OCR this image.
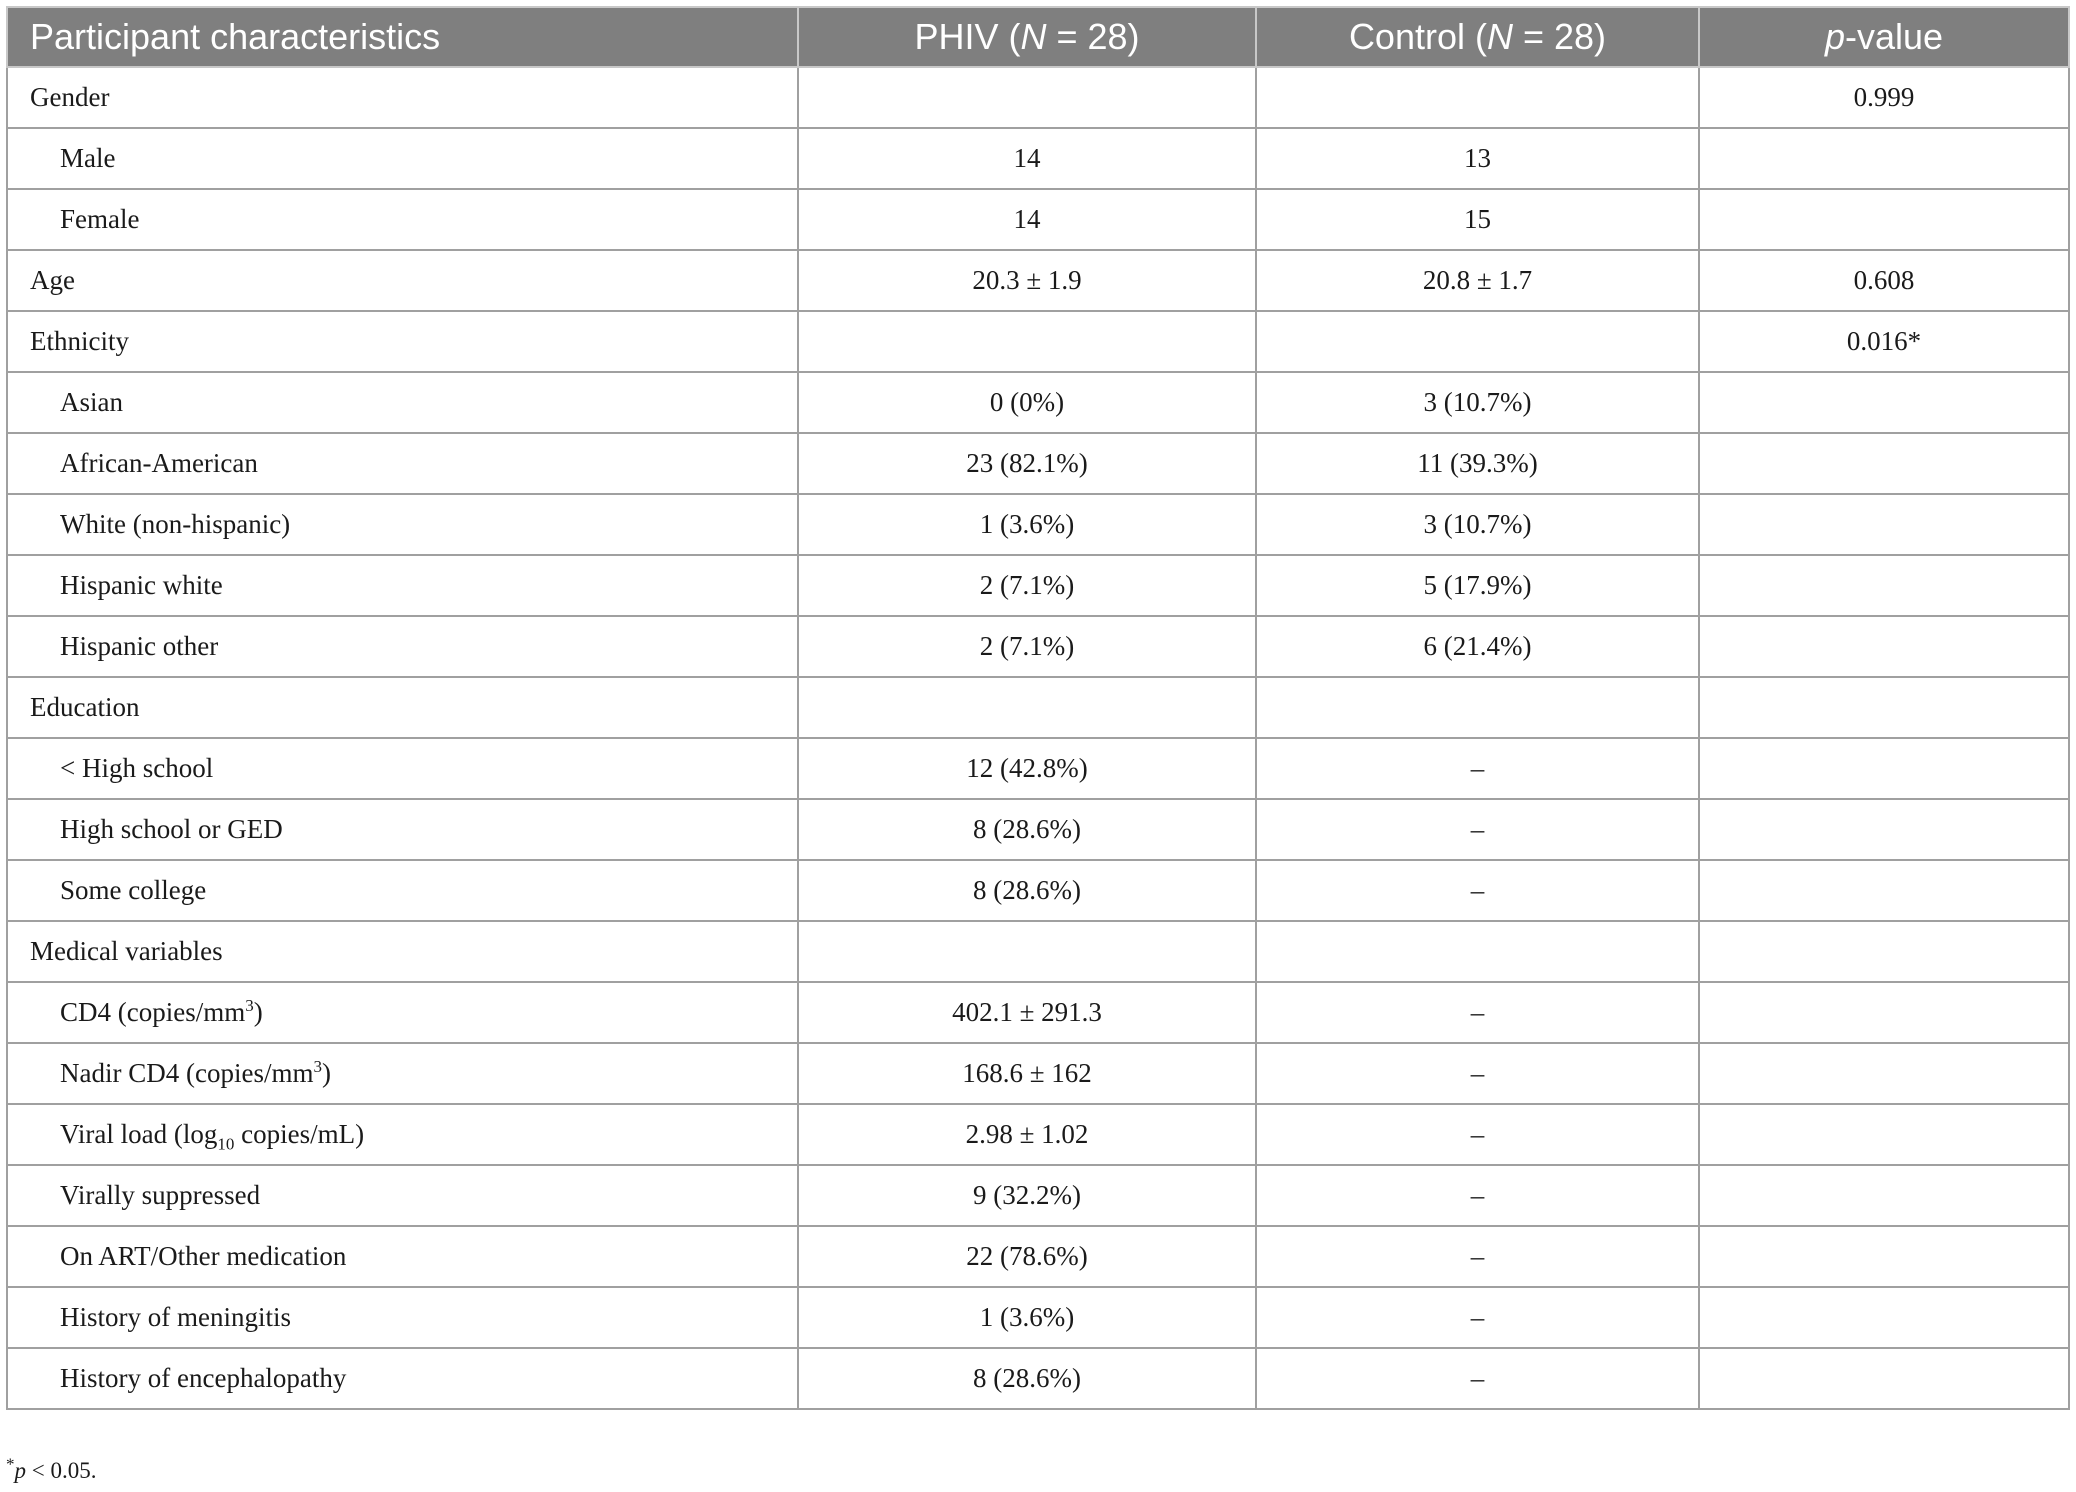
Participant characteristics	PHIV (N = 28)	Control (N = 28)	p-value
Gender			0.999
Male	14	13	
Female	14	15	
Age	20.3 ± 1.9	20.8 ± 1.7	0.608
Ethnicity			0.016*
Asian	0 (0%)	3 (10.7%)	
African-American	23 (82.1%)	11 (39.3%)	
White (non-hispanic)	1 (3.6%)	3 (10.7%)	
Hispanic white	2 (7.1%)	5 (17.9%)	
Hispanic other	2 (7.1%)	6 (21.4%)	
Education			
< High school	12 (42.8%)	–	
High school or GED	8 (28.6%)	–	
Some college	8 (28.6%)	–	
Medical variables			
CD4 $(copies/mm^3)$	402.1 ± 291.3	–	
Nadir CD4 $(copies/mm^3)$	168.6 ± 162	–	
Viral load ($\log_{10}$ copies/mL)	2.98 ± 1.02	–	
Virally suppressed	9 (32.2%)	–	
On ART/Other medication	22 (78.6%)	–	
History of meningitis	1 (3.6%)	–	
History of encephalopathy	8 (28.6%)	–	
*p < 0.05.
